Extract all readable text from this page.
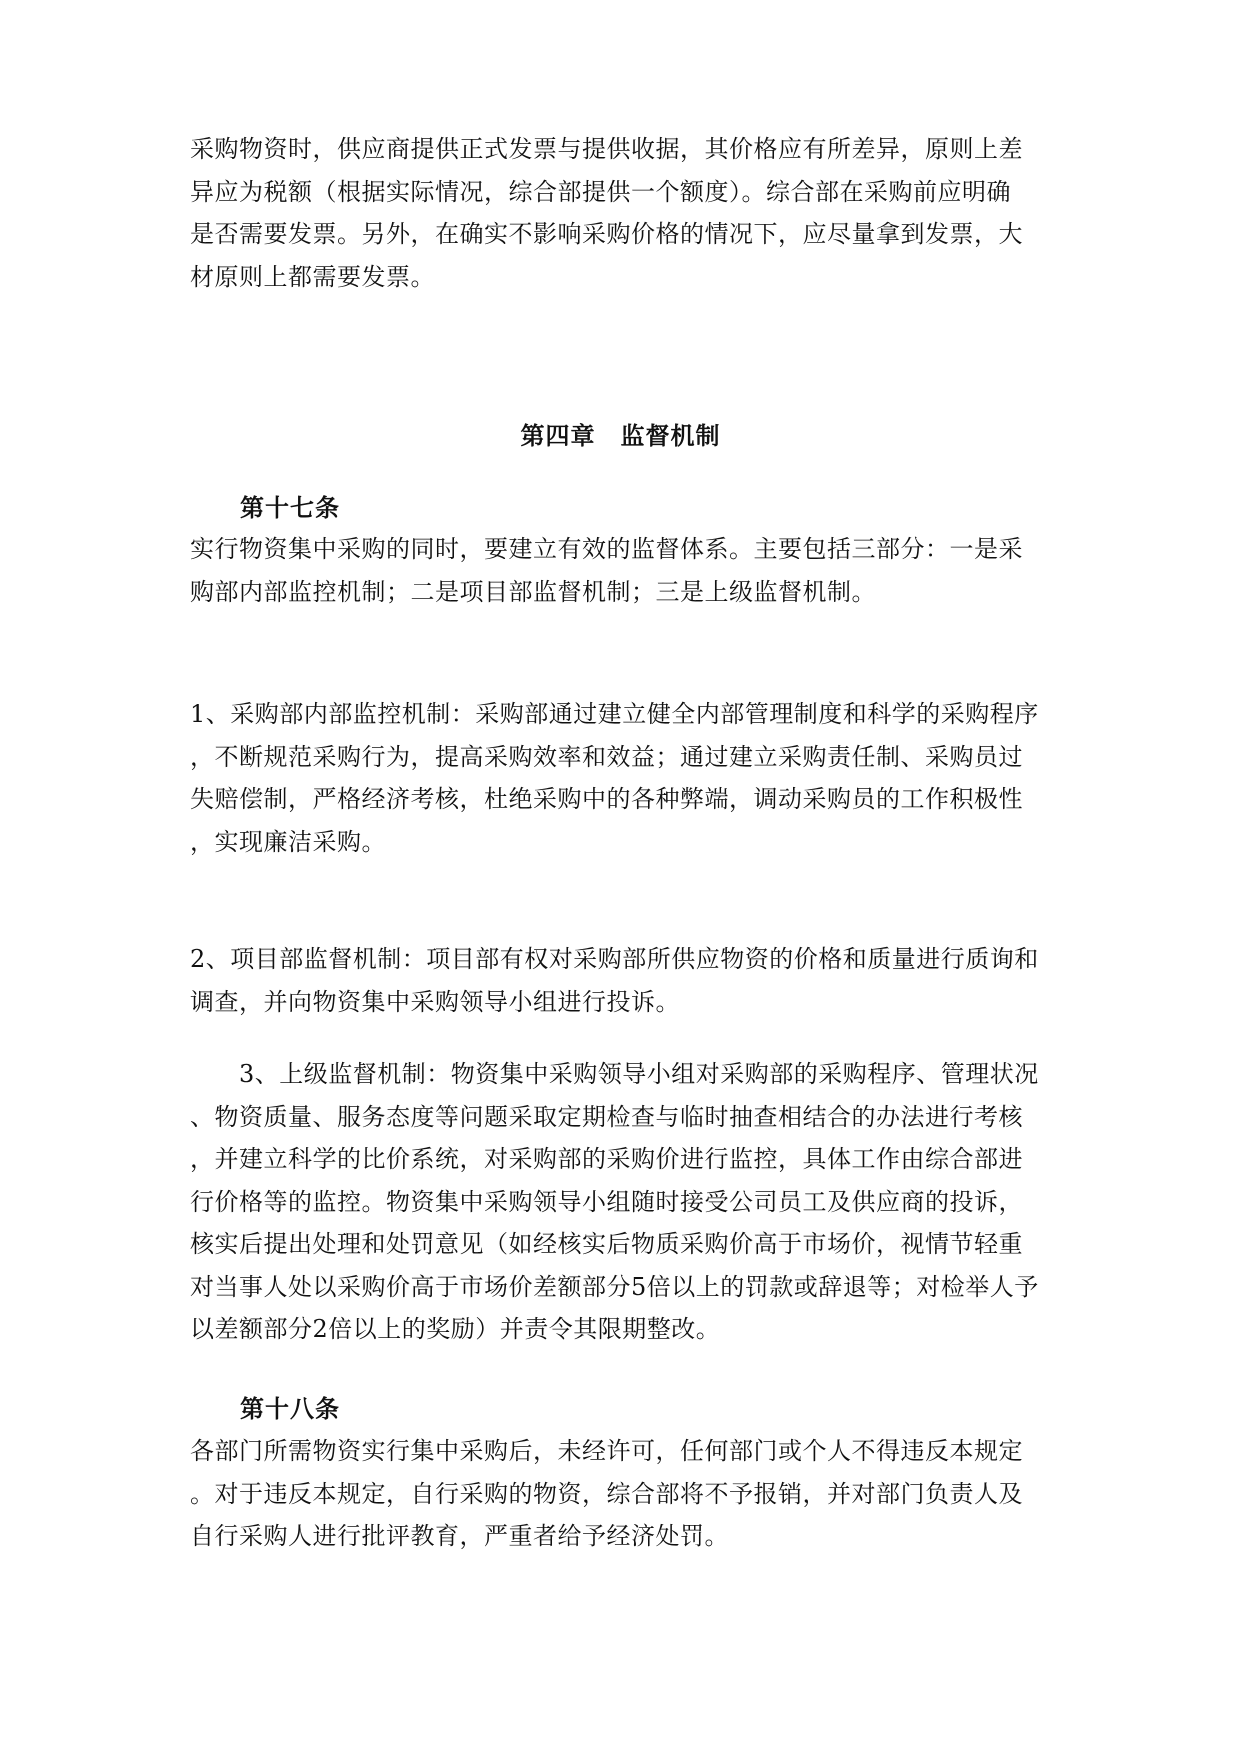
采购物资时，供应商提供正式发票与提供收据，其价格应有所差异，原则上差
异应为税额（根据实际情况，综合部提供一个额度）。综合部在采购前应明确
是否需要发票。另外，在确实不影响采购价格的情况下，应尽量拿到发票，大
材原则上都需要发票。
第四章　监督机制
第十七条
实行物资集中采购的同时，要建立有效的监督体系。主要包括三部分：一是采
购部内部监控机制；二是项目部监督机制；三是上级监督机制。
1、采购部内部监控机制：采购部通过建立健全内部管理制度和科学的采购程序
，不断规范采购行为，提高采购效率和效益；通过建立采购责任制、采购员过
失赔偿制，严格经济考核，杜绝采购中的各种弊端，调动采购员的工作积极性
，实现廉洁采购。
2、项目部监督机制：项目部有权对采购部所供应物资的价格和质量进行质询和
调查，并向物资集中采购领导小组进行投诉。
　　3、上级监督机制：物资集中采购领导小组对采购部的采购程序、管理状况
、物资质量、服务态度等问题采取定期检查与临时抽查相结合的办法进行考核
，并建立科学的比价系统，对采购部的采购价进行监控，具体工作由综合部进
行价格等的监控。物资集中采购领导小组随时接受公司员工及供应商的投诉，
核实后提出处理和处罚意见（如经核实后物质采购价高于市场价，视情节轻重
对当事人处以采购价高于市场价差额部分5倍以上的罚款或辞退等；对检举人予
以差额部分2倍以上的奖励）并责令其限期整改。
第十八条
各部门所需物资实行集中采购后，未经许可，任何部门或个人不得违反本规定
。对于违反本规定，自行采购的物资，综合部将不予报销，并对部门负责人及
自行采购人进行批评教育，严重者给予经济处罚。
